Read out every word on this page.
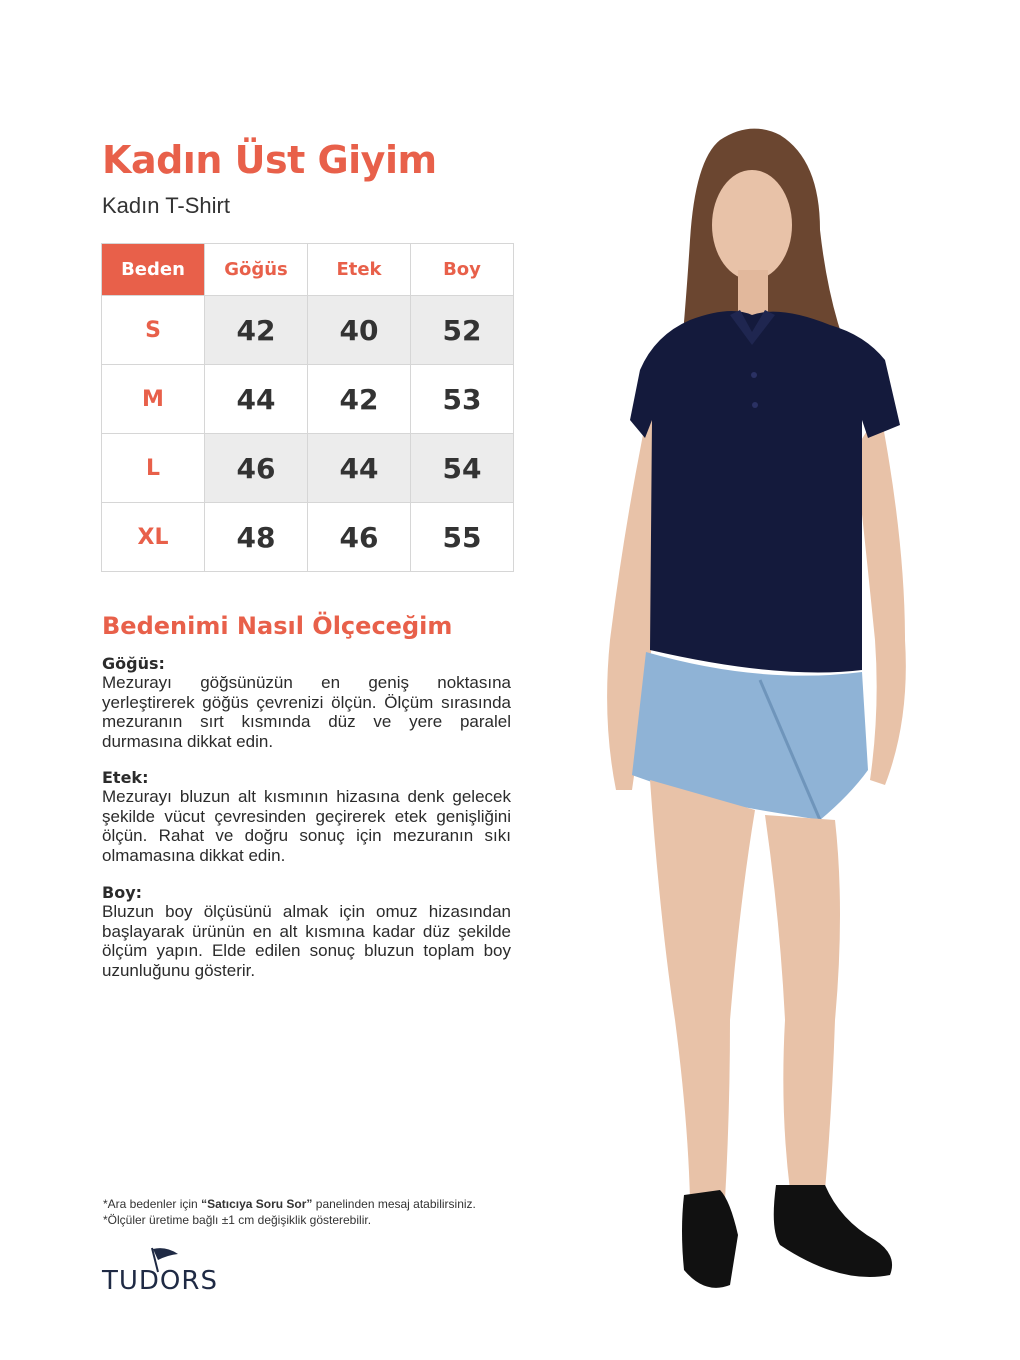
Kadın Üst Giyim
Kadın T-Shirt
Beden	Göğüs	Etek	Boy
S	42	40	52
M	44	42	53
L	46	44	54
XL	48	46	55
Bedenimi Nasıl Ölçeceğim
Göğüs:

Mezurayı göğsünüzün en geniş noktasına yerleştirerek göğüs çevrenizi ölçün. Ölçüm sırasında mezuranın sırt kısmında düz ve yere paralel durmasına dikkat edin.

Etek:

Mezurayı bluzun alt kısmının hizasına denk gelecek şekilde vücut çevresinden geçirerek etek genişliğini ölçün. Rahat ve doğru sonuç için mezuranın sıkı olmamasına dikkat edin.

Boy:

Bluzun boy ölçüsünü almak için omuz hizasından başlayarak ürünün en alt kısmına kadar düz şekilde ölçüm yapın. Elde edilen sonuç bluzun toplam boy uzunluğunu gösterir.

*Ara bedenler için “Satıcıya Soru Sor” panelinden mesaj atabilirsiniz.
*Ölçüler üretime bağlı ±1 cm değişiklik gösterebilir.
TUDORS
